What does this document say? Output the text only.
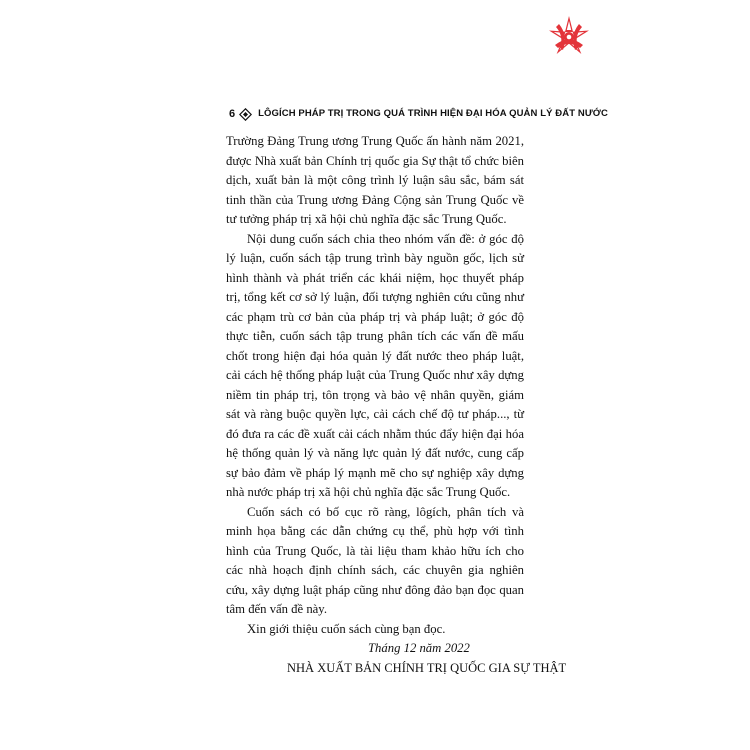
6 LÔGÍCH PHÁP TRỊ TRONG QUÁ TRÌNH HIỆN ĐẠI HÓA QUẢN LÝ ĐẤT NƯỚC

Trường Đảng Trung ương Trung Quốc ấn hành năm 2021, được Nhà xuất bản Chính trị quốc gia Sự thật tổ chức biên dịch, xuất bản là một công trình lý luận sâu sắc, bám sát tinh thần của Trung ương Đảng Cộng sản Trung Quốc về tư tưởng pháp trị xã hội chủ nghĩa đặc sắc Trung Quốc.

Nội dung cuốn sách chia theo nhóm vấn đề: ở góc độ lý luận, cuốn sách tập trung trình bày nguồn gốc, lịch sử hình thành và phát triển các khái niệm, học thuyết pháp trị, tổng kết cơ sở lý luận, đối tượng nghiên cứu cũng như các phạm trù cơ bản của pháp trị và pháp luật; ở góc độ thực tiễn, cuốn sách tập trung phân tích các vấn đề mấu chốt trong hiện đại hóa quản lý đất nước theo pháp luật, cải cách hệ thống pháp luật của Trung Quốc như xây dựng niềm tin pháp trị, tôn trọng và bảo vệ nhân quyền, giám sát và ràng buộc quyền lực, cải cách chế độ tư pháp..., từ đó đưa ra các đề xuất cải cách nhằm thúc đẩy hiện đại hóa hệ thống quản lý và năng lực quản lý đất nước, cung cấp sự bảo đảm về pháp lý mạnh mẽ cho sự nghiệp xây dựng nhà nước pháp trị xã hội chủ nghĩa đặc sắc Trung Quốc.

Cuốn sách có bố cục rõ ràng, lôgích, phân tích và minh họa bằng các dẫn chứng cụ thể, phù hợp với tình hình của Trung Quốc, là tài liệu tham khảo hữu ích cho các nhà hoạch định chính sách, các chuyên gia nghiên cứu, xây dựng luật pháp cũng như đông đảo bạn đọc quan tâm đến vấn đề này.

Xin giới thiệu cuốn sách cùng bạn đọc.

Tháng 12 năm 2022

NHÀ XUẤT BẢN CHÍNH TRỊ QUỐC GIA SỰ THẬT
